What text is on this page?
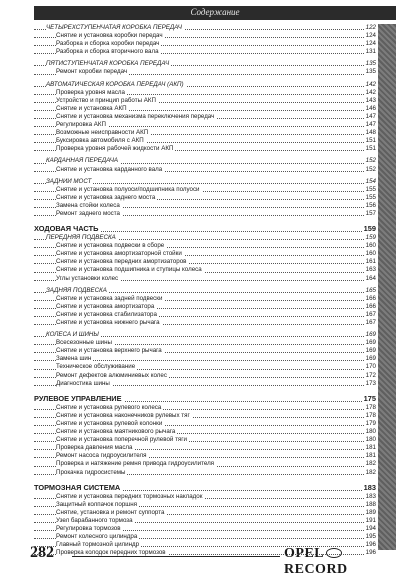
Содержание
ЧЕТЫРЕХСТУПЕНЧАТАЯ КОРОБКА ПЕРЕДАЧ	122
Снятие и установка коробки передач	124
Разборка и сборка коробки передач	124
Разборка и сборка вторичного вала	131
ПЯТИСТУПЕНЧАТАЯ КОРОБКА ПЕРЕДАЧ	135
Ремонт коробки передач	135
АВТОМАТИЧЕСКАЯ КОРОБКА ПЕРЕДАЧ (АКП)	142
Проверка уровня масла	142
Устройство и принцип работы АКП	143
Снятие и установка АКП	146
Снятие и установка механизма переключения передач	147
Регулировка АКП	147
Возможные неисправности АКП	148
Буксировка автомобиля с АКП	151
Проверка уровня рабочей жидкости АКП	151
КАРДАННАЯ ПЕРЕДАЧА	152
Снятие и установка карданного вала	152
ЗАДНИЙ МОСТ	154
Снятие и установка полуоси/подшипника полуоси	155
Снятие и установка заднего моста	155
Замена стойки колеса	156
Ремонт заднего моста	157
ХОДОВАЯ ЧАСТЬ	159
ПЕРЕДНЯЯ ПОДВЕСКА	159
Снятие и установка подвески в сборе	160
Снятие и установка амортизаторной стойки	160
Снятие и установка передних амортизаторов	161
Снятие и установка подшипника и ступицы колеса	163
Углы установки колес	164
ЗАДНЯЯ ПОДВЕСКА	165
Снятие и установка задней подвески	166
Снятие и установка амортизатора	166
Снятие и установка стабилизатора	167
Снятие и установка нижнего рычага	167
КОЛЕСА И ШИНЫ	169
Всесезонные шины	169
Снятие и установка верхнего рычага	169
Замена шин	169
Техническое обслуживание	170
Ремонт дефектов алюминиевых колес	172
Диагностика шины	173
РУЛЕВОЕ УПРАВЛЕНИЕ	175
Снятие и установка рулевого колеса	178
Снятие и установка наконечников рулевых тяг	178
Снятие и установка рулевой колонки	179
Снятие и установка маятникового рычага	180
Снятие и установка поперечной рулевой тяги	180
Проверка давления масла	181
Ремонт насоса гидроусилителя	181
Проверка и натяжение ремня привода гидроусилителя	182
Прокачка гидросистемы	182
ТОРМОЗНАЯ СИСТЕМА	183
Снятие и установка передних тормозных накладок	183
Защитный колпачок поршня	188
Снятие, установка и ремонт суппорта	189
Узел барабанного тормоза	191
Регулировка тормозов	194
Ремонт колесного цилиндра	195
Главный тормозной цилиндр	196
Проверка колодок передних тормозов	196
282	OPELRECORD
